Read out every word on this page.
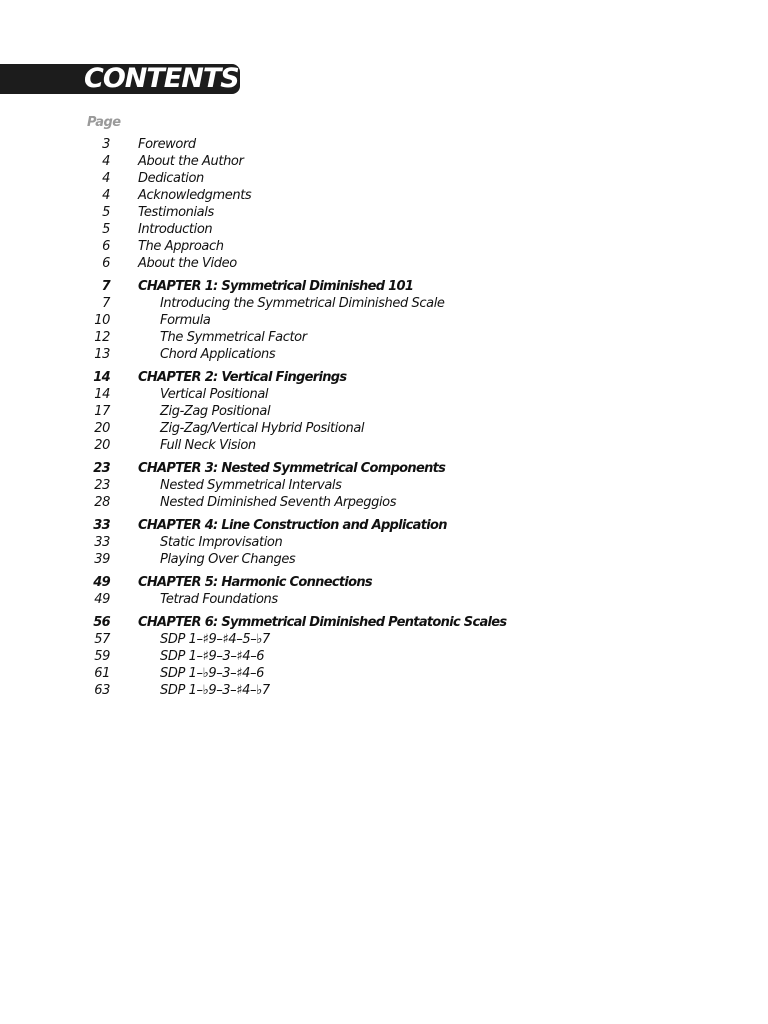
CONTENTS
Page
3 Foreword
4 About the Author
4 Dedication
4 Acknowledgments
5 Testimonials
5 Introduction
6 The Approach
6 About the Video
7 CHAPTER 1: Symmetrical Diminished 101
7	Introducing the Symmetrical Diminished Scale
10	Formula
12	The Symmetrical Factor
13	Chord Applications
14 CHAPTER 2: Vertical Fingerings
14	Vertical Positional
17	Zig-Zag Positional
20	Zig-Zag/Vertical Hybrid Positional
20	Full Neck Vision
23 CHAPTER 3: Nested Symmetrical Components
23	Nested Symmetrical Intervals
28	Nested Diminished Seventh Arpeggios
33 CHAPTER 4: Line Construction and Application
33	Static Improvisation
39	Playing Over Changes
49 CHAPTER 5: Harmonic Connections
49	Tetrad Foundations
56 CHAPTER 6: Symmetrical Diminished Pentatonic Scales
57	SDP 1–♯9–♯4–5–♭7
59	SDP 1–♯9–3–♯4–6
61	SDP 1–♭9–3–♯4–6
63	SDP 1–♭9–3–♯4–♭7
